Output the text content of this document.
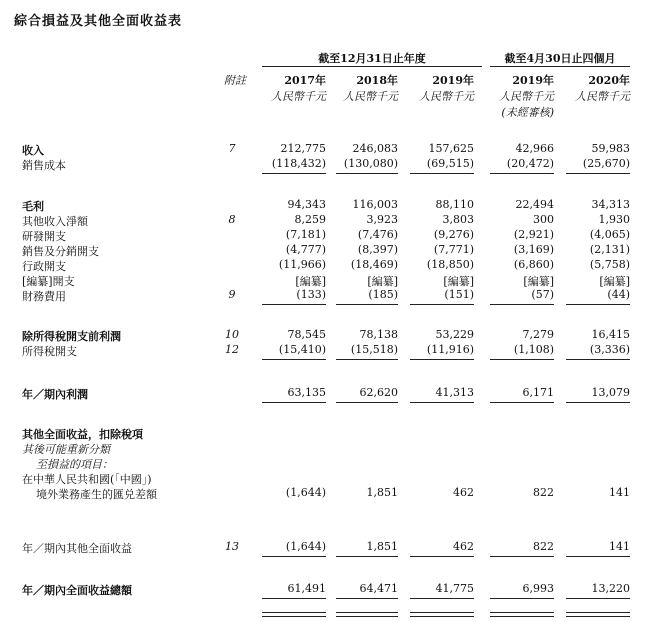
綜合損益及其他全面收益表
截至12月31日止年度	截至4月30日止四個月
附註	2017年	2018年	2019年	2019年	2020年
人民幣千元	人民幣千元	人民幣千元	人民幣千元	人民幣千元
(未經審核)
收入	7	212,775	246,083	157,625	42,966	59,983
銷售成本	(118,432)	(130,080)	(69,515)	(20,472)	(25,670)
毛利	94,343	116,003	88,110	22,494	34,313
其他收入淨額	8	8,259	3,923	3,803	300	1,930
研發開支	(7,181)	(7,476)	(9,276)	(2,921)	(4,065)
銷售及分銷開支	(4,777)	(8,397)	(7,771)	(3,169)	(2,131)
行政開支	(11,966)	(18,469)	(18,850)	(6,860)	(5,758)
[編纂]開支	[編纂]	[編纂]	[編纂]	[編纂]	[編纂]
財務費用	9	(133)	(185)	(151)	(57)	(44)
除所得稅開支前利潤	10	78,545	78,138	53,229	7,279	16,415
所得稅開支	12	(15,410)	(15,518)	(11,916)	(1,108)	(3,336)
年／期內利潤	63,135	62,620	41,313	6,171	13,079
其他全面收益，扣除稅項
其後可能重新分類
至損益的項目：
在中華人民共和國(「中國」)
境外業務產生的匯兑差額	(1,644)	1,851	462	822	141
年／期內其他全面收益	13	(1,644)	1,851	462	822	141
年／期內全面收益總額	61,491	64,471	41,775	6,993	13,220
